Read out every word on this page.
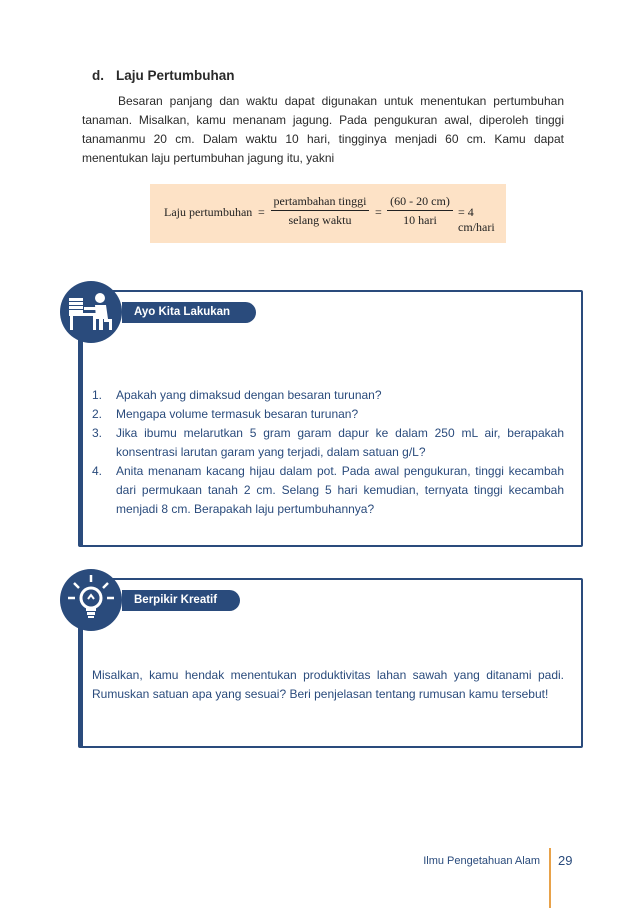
d. Laju Pertumbuhan

Besaran panjang dan waktu dapat digunakan untuk menentukan pertumbuhan tanaman. Misalkan, kamu menanam jagung. Pada pengukuran awal, diperoleh tinggi tanamanmu 20 cm. Dalam waktu 10 hari, tingginya menjadi 60 cm. Kamu dapat menentukan laju pertumbuhan jagung itu, yakni

Laju pertumbuhan =
pertambahan tinggi
selang waktu
=
(60 - 20 cm)
10 hari
= 4 cm/hari
Ayo Kita Lakukan
1. Apakah yang dimaksud dengan besaran turunan?
2. Mengapa volume termasuk besaran turunan?
3. Jika ibumu melarutkan 5 gram garam dapur ke dalam 250 mL air, berapakah konsentrasi larutan garam yang terjadi, dalam satuan g/L?
4. Anita menanam kacang hijau dalam pot. Pada awal pengukuran, tinggi kecambah dari permukaan tanah 2 cm. Selang 5 hari kemudian, ternyata tinggi kecambah menjadi 8 cm. Berapakah laju pertumbuhannya?
Berpikir Kreatif

Misalkan, kamu hendak menentukan produktivitas lahan sawah yang ditanami padi. Rumuskan satuan apa yang sesuai? Beri penjelasan tentang rumusan kamu tersebut!

Ilmu Pengetahuan Alam 29
